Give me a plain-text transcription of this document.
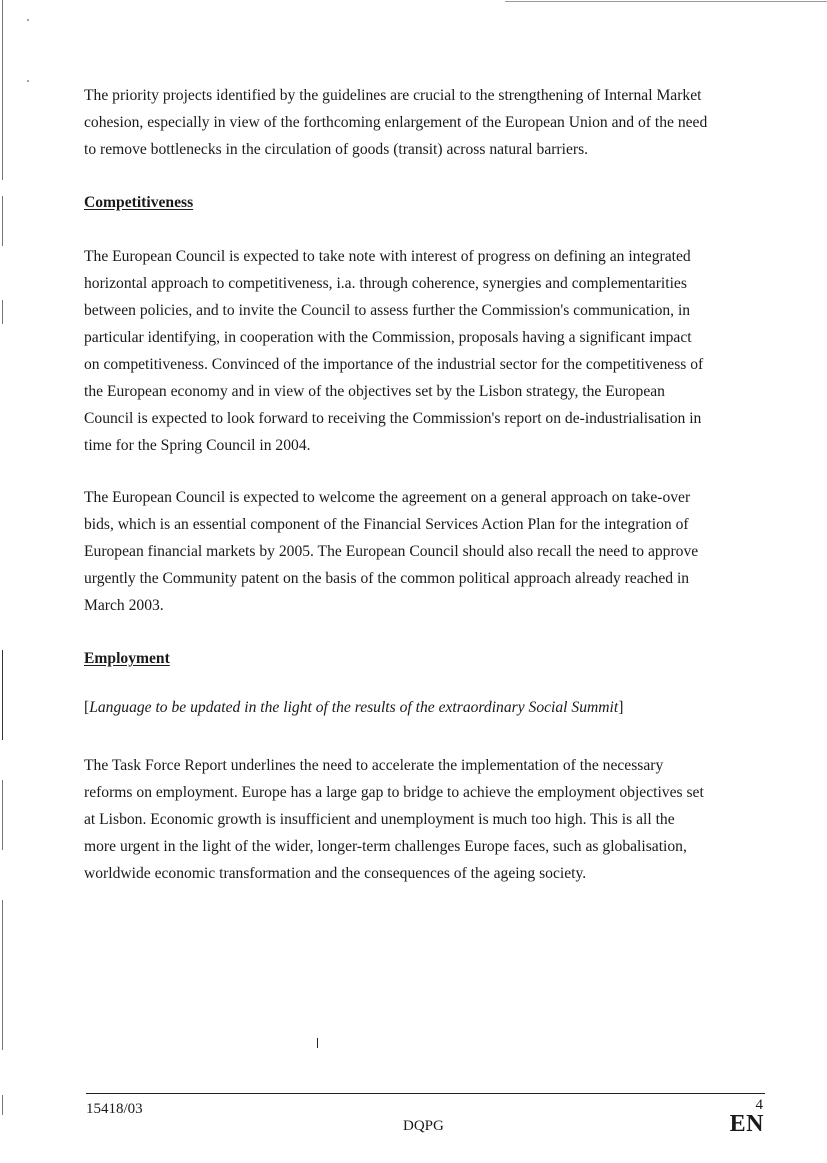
The priority projects identified by the guidelines are crucial to the strengthening of Internal Market
cohesion, especially in view of the forthcoming enlargement of the European Union and of the need
to remove bottlenecks in the circulation of goods (transit) across natural barriers.

Competitiveness

The European Council is expected to take note with interest of progress on defining an integrated
horizontal approach to competitiveness, i.a. through coherence, synergies and complementarities
between policies, and to invite the Council to assess further the Commission's communication, in
particular identifying, in cooperation with the Commission, proposals having a significant impact
on competitiveness. Convinced of the importance of the industrial sector for the competitiveness of
the European economy and in view of the objectives set by the Lisbon strategy, the European
Council is expected to look forward to receiving the Commission's report on de-industrialisation in
time for the Spring Council in 2004.

The European Council is expected to welcome the agreement on a general approach on take-over
bids, which is an essential component of the Financial Services Action Plan for the integration of
European financial markets by 2005. The European Council should also recall the need to approve
urgently the Community patent on the basis of the common political approach already reached in
March 2003.

Employment

[Language to be updated in the light of the results of the extraordinary Social Summit]

The Task Force Report underlines the need to accelerate the implementation of the necessary
reforms on employment. Europe has a large gap to bridge to achieve the employment objectives set
at Lisbon. Economic growth is insufficient and unemployment is much too high. This is all the
more urgent in the light of the wider, longer-term challenges Europe faces, such as globalisation,
worldwide economic transformation and the consequences of the ageing society.

15418/03
DQPG
4
EN
